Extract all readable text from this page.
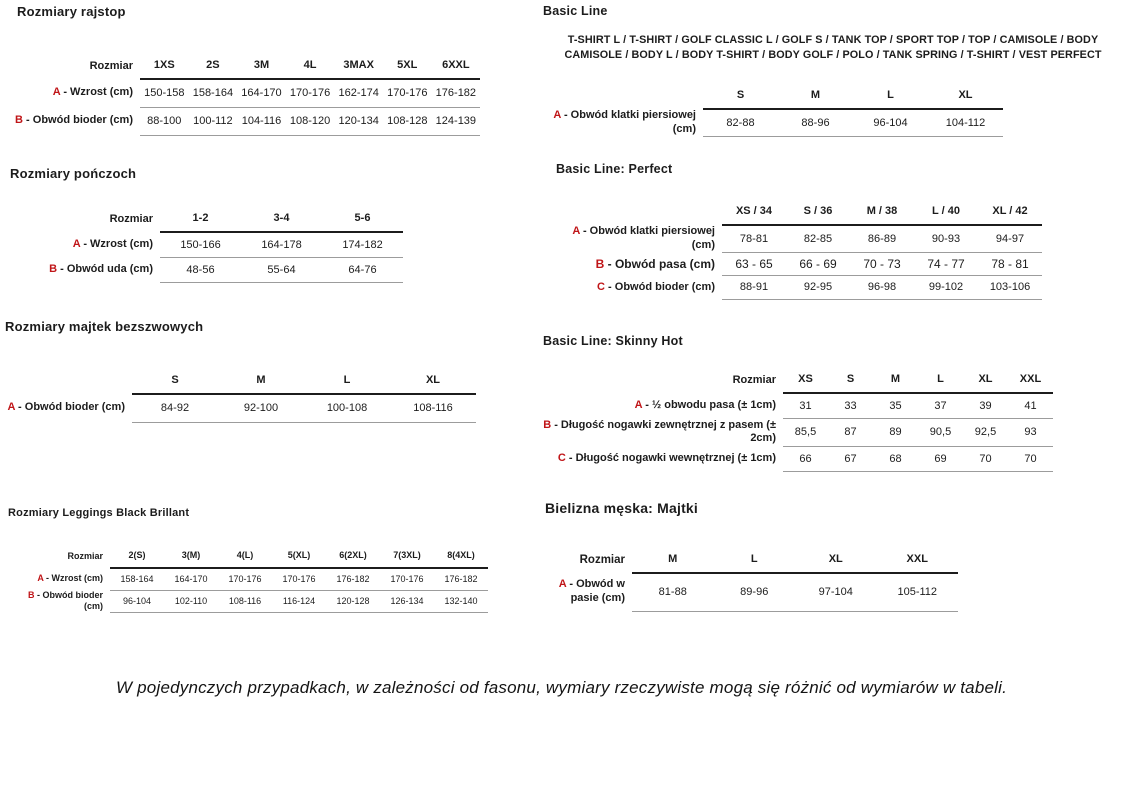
Rozmiary rajstop
Rozmiar	1XS	2S	3M	4L	3MAX	5XL	6XXL
A - Wzrost (cm)	150-158	158-164	164-170	170-176	162-174	170-176	176-182
B - Obwód bioder (cm)	88-100	100-112	104-116	108-120	120-134	108-128	124-139
Rozmiary pończoch
Rozmiar	1-2	3-4	5-6
A - Wzrost (cm)	150-166	164-178	174-182
B - Obwód uda (cm)	48-56	55-64	64-76
Rozmiary majtek bezszwowych
	S	M	L	XL
A - Obwód bioder (cm)	84-92	92-100	100-108	108-116
Rozmiary Leggings Black Brillant
Rozmiar	2(S)	3(M)	4(L)	5(XL)	6(2XL)	7(3XL)	8(4XL)
A - Wzrost (cm)	158-164	164-170	170-176	170-176	176-182	170-176	176-182
B - Obwód bioder (cm)	96-104	102-110	108-116	116-124	120-128	126-134	132-140
Basic Line
T-SHIRT L / T-SHIRT / GOLF CLASSIC L / GOLF S / TANK TOP / SPORT TOP / TOP / CAMISOLE / BODY CAMISOLE / BODY L / BODY T-SHIRT / BODY GOLF / POLO / TANK SPRING / T-SHIRT / VEST PERFECT
	S	M	L	XL
A - Obwód klatki piersiowej (cm)	82-88	88-96	96-104	104-112
Basic Line: Perfect
	XS / 34	S / 36	M / 38	L / 40	XL / 42
A - Obwód klatki piersiowej (cm)	78-81	82-85	86-89	90-93	94-97
B - Obwód pasa (cm)	63 - 65	66 - 69	70 - 73	74 - 77	78 - 81
C - Obwód bioder (cm)	88-91	92-95	96-98	99-102	103-106
Basic Line: Skinny Hot
Rozmiar	XS	S	M	L	XL	XXL
A - ½ obwodu pasa (± 1cm)	31	33	35	37	39	41
B - Długość nogawki zewnętrznej z pasem (± 2cm)	85,5	87	89	90,5	92,5	93
C - Długość nogawki wewnętrznej (± 1cm)	66	67	68	69	70	70
Bielizna męska: Majtki
Rozmiar	M	L	XL	XXL
A - Obwód w pasie (cm)	81-88	89-96	97-104	105-112

W pojedynczych przypadkach, w zależności od fasonu, wymiary rzeczywiste mogą się różnić od wymiarów w tabeli.
